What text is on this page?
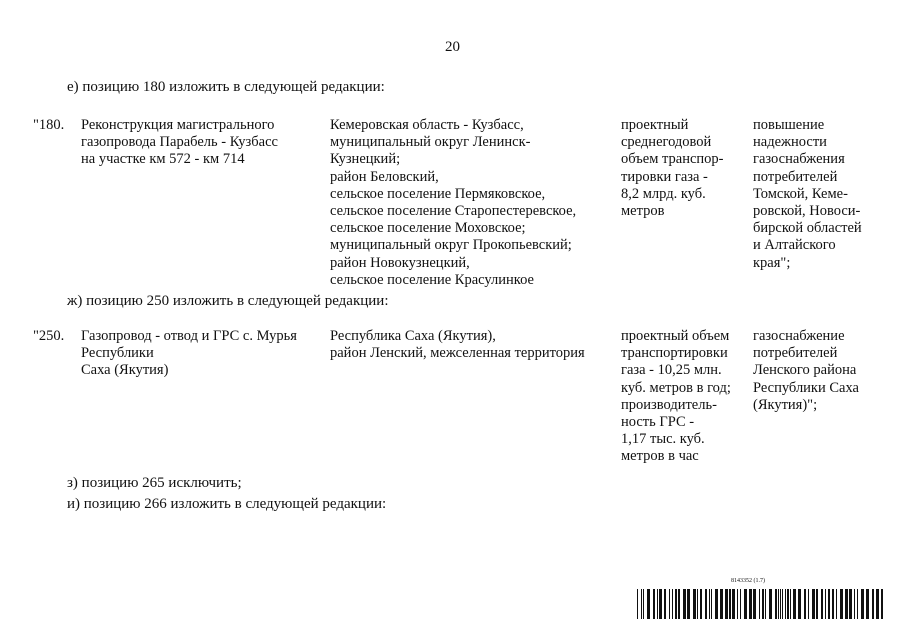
20
е) позицию 180 изложить в следующей редакции:
"180. Реконструкция магистрального
газопровода Парабель - Кузбасс
на участке км 572 - км 714
Кемеровская область - Кузбасс,
муниципальный округ Ленинск-
Кузнецкий;
район Беловский,
сельское поселение Пермяковское,
сельское поселение Старопестеревское,
сельское поселение Моховское;
муниципальный округ Прокопьевский;
район Новокузнецкий,
сельское поселение Красулинкое
проектный
среднегодовой
объем транспор-
тировки газа -
8,2 млрд. куб.
метров
повышение
надежности
газоснабжения
потребителей
Томской, Кеме-
ровской, Новоси-
бирской областей
и Алтайского
края";
ж) позицию 250 изложить в следующей редакции:
"250. Газопровод - отвод и ГРС с. Мурья
Республики
Саха (Якутия)
Республика Саха (Якутия),
район Ленский, межселенная территория
проектный объем
транспортировки
газа - 10,25 млн.
куб. метров в год;
производитель-
ность ГРС -
1,17 тыс. куб.
метров в час
газоснабжение
потребителей
Ленского района
Республики Саха
(Якутия)";
з) позицию 265 исключить;
и) позицию 266 изложить в следующей редакции:
8143352 (1.7)
